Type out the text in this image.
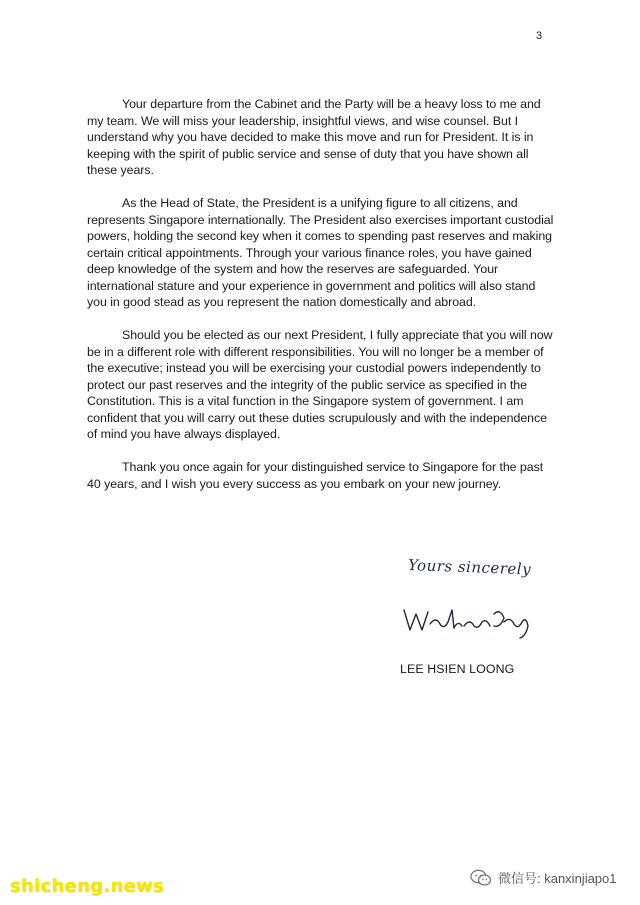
3

Your departure from the Cabinet and the Party will be a heavy loss to me and my team. We will miss your leadership, insightful views, and wise counsel. But I understand why you have decided to make this move and run for President. It is in keeping with the spirit of public service and sense of duty that you have shown all these years.

As the Head of State, the President is a unifying figure to all citizens, and represents Singapore internationally. The President also exercises important custodial powers, holding the second key when it comes to spending past reserves and making certain critical appointments. Through your various finance roles, you have gained deep knowledge of the system and how the reserves are safeguarded. Your international stature and your experience in government and politics will also stand you in good stead as you represent the nation domestically and abroad.

Should you be elected as our next President, I fully appreciate that you will now be in a different role with different responsibilities. You will no longer be a member of the executive; instead you will be exercising your custodial powers independently to protect our past reserves and the integrity of the public service as specified in the Constitution. This is a vital function in the Singapore system of government. I am confident that you will carry out these duties scrupulously and with the independence of mind you have always displayed.

Thank you once again for your distinguished service to Singapore for the past 40 years, and I wish you every success as you embark on your new journey.

Yours sincerely
LEE HSIEN LOONG
shicheng.news	微信号: kanxinjiapo1
